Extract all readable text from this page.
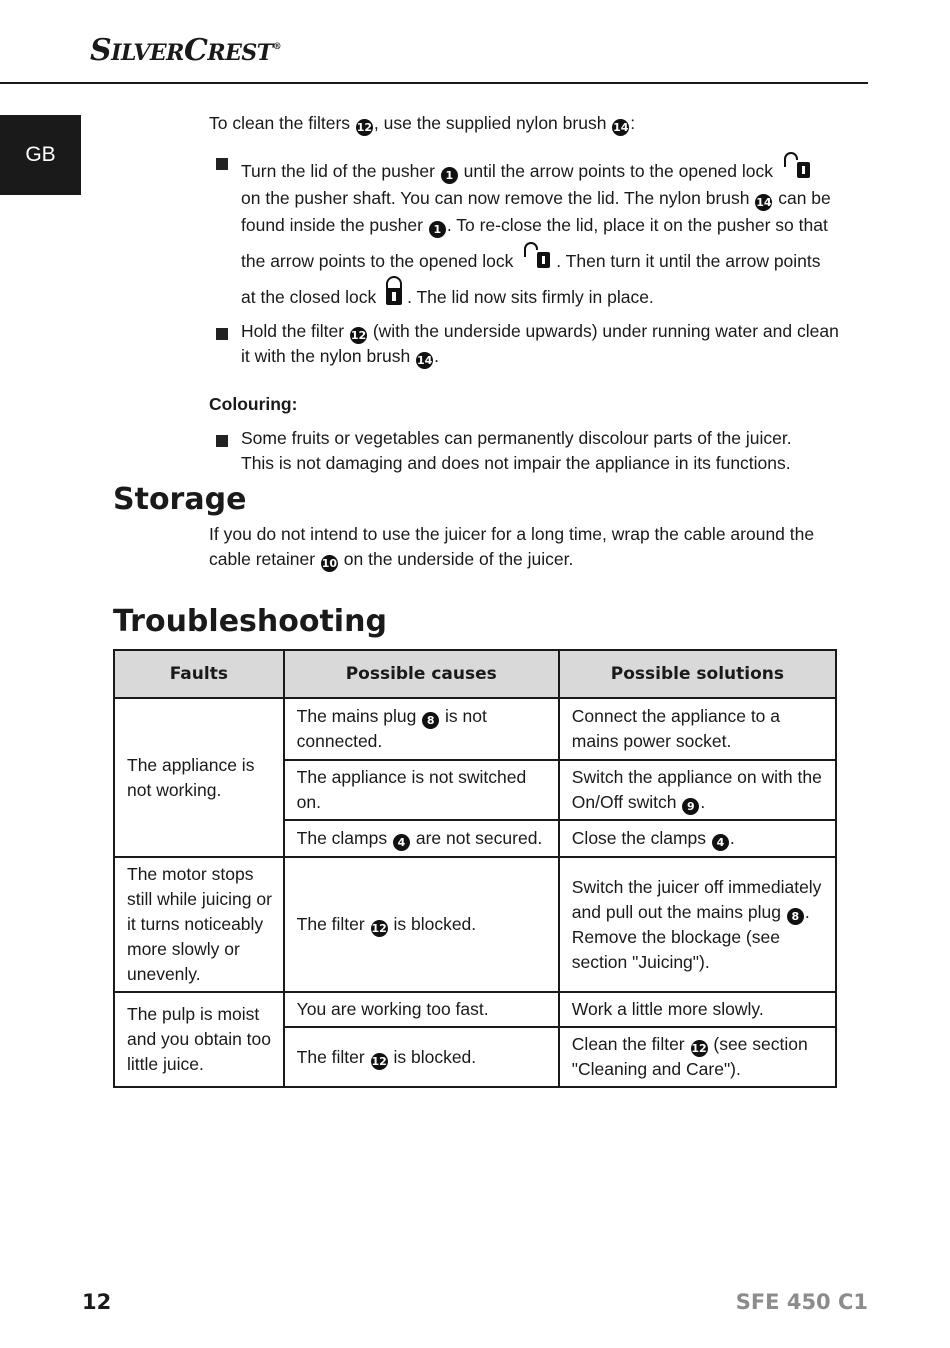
SILVERCREST®
GB

To clean the filters 12 , use the supplied nylon brush 14 :

Turn the lid of the pusher 1 until the arrow points to the opened lock  on the pusher shaft. You can now remove the lid. The nylon brush 14 can be found inside the pusher 1 . To re-close the lid, place it on the pusher so that the arrow points to the opened lock . Then turn it until the arrow points at the closed lock . The lid now sits firmly in place.

Hold the filter 12 (with the underside upwards) under running water and clean it with the nylon brush 14 .

Colouring:

Some fruits or vegetables can permanently discolour parts of the juicer.
This is not damaging and does not impair the appliance in its functions.

Storage

If you do not intend to use the juicer for a long time, wrap the cable around the cable retainer 10 on the underside of the juicer.

Troubleshooting
Faults	Possible causes	Possible solutions
The appliance is not working.	The mains plug 8 is not connected.	Connect the appliance to a mains power socket.
	The appliance is not switched on.	Switch the appliance on with the On/Off switch 9 .
	The clamps 4 are not secured.	Close the clamps 4 .
The motor stops still while juicing or it turns noticeably more slowly or unevenly.	The filter 12 is blocked.	Switch the juicer off immediately and pull out the mains plug 8 . Remove the blockage (see section "Juicing").
The pulp is moist and you obtain too little juice.	You are working too fast.	Work a little more slowly.
	The filter 12 is blocked.	Clean the filter 12 (see section "Cleaning and Care").
12	SFE 450 C1
